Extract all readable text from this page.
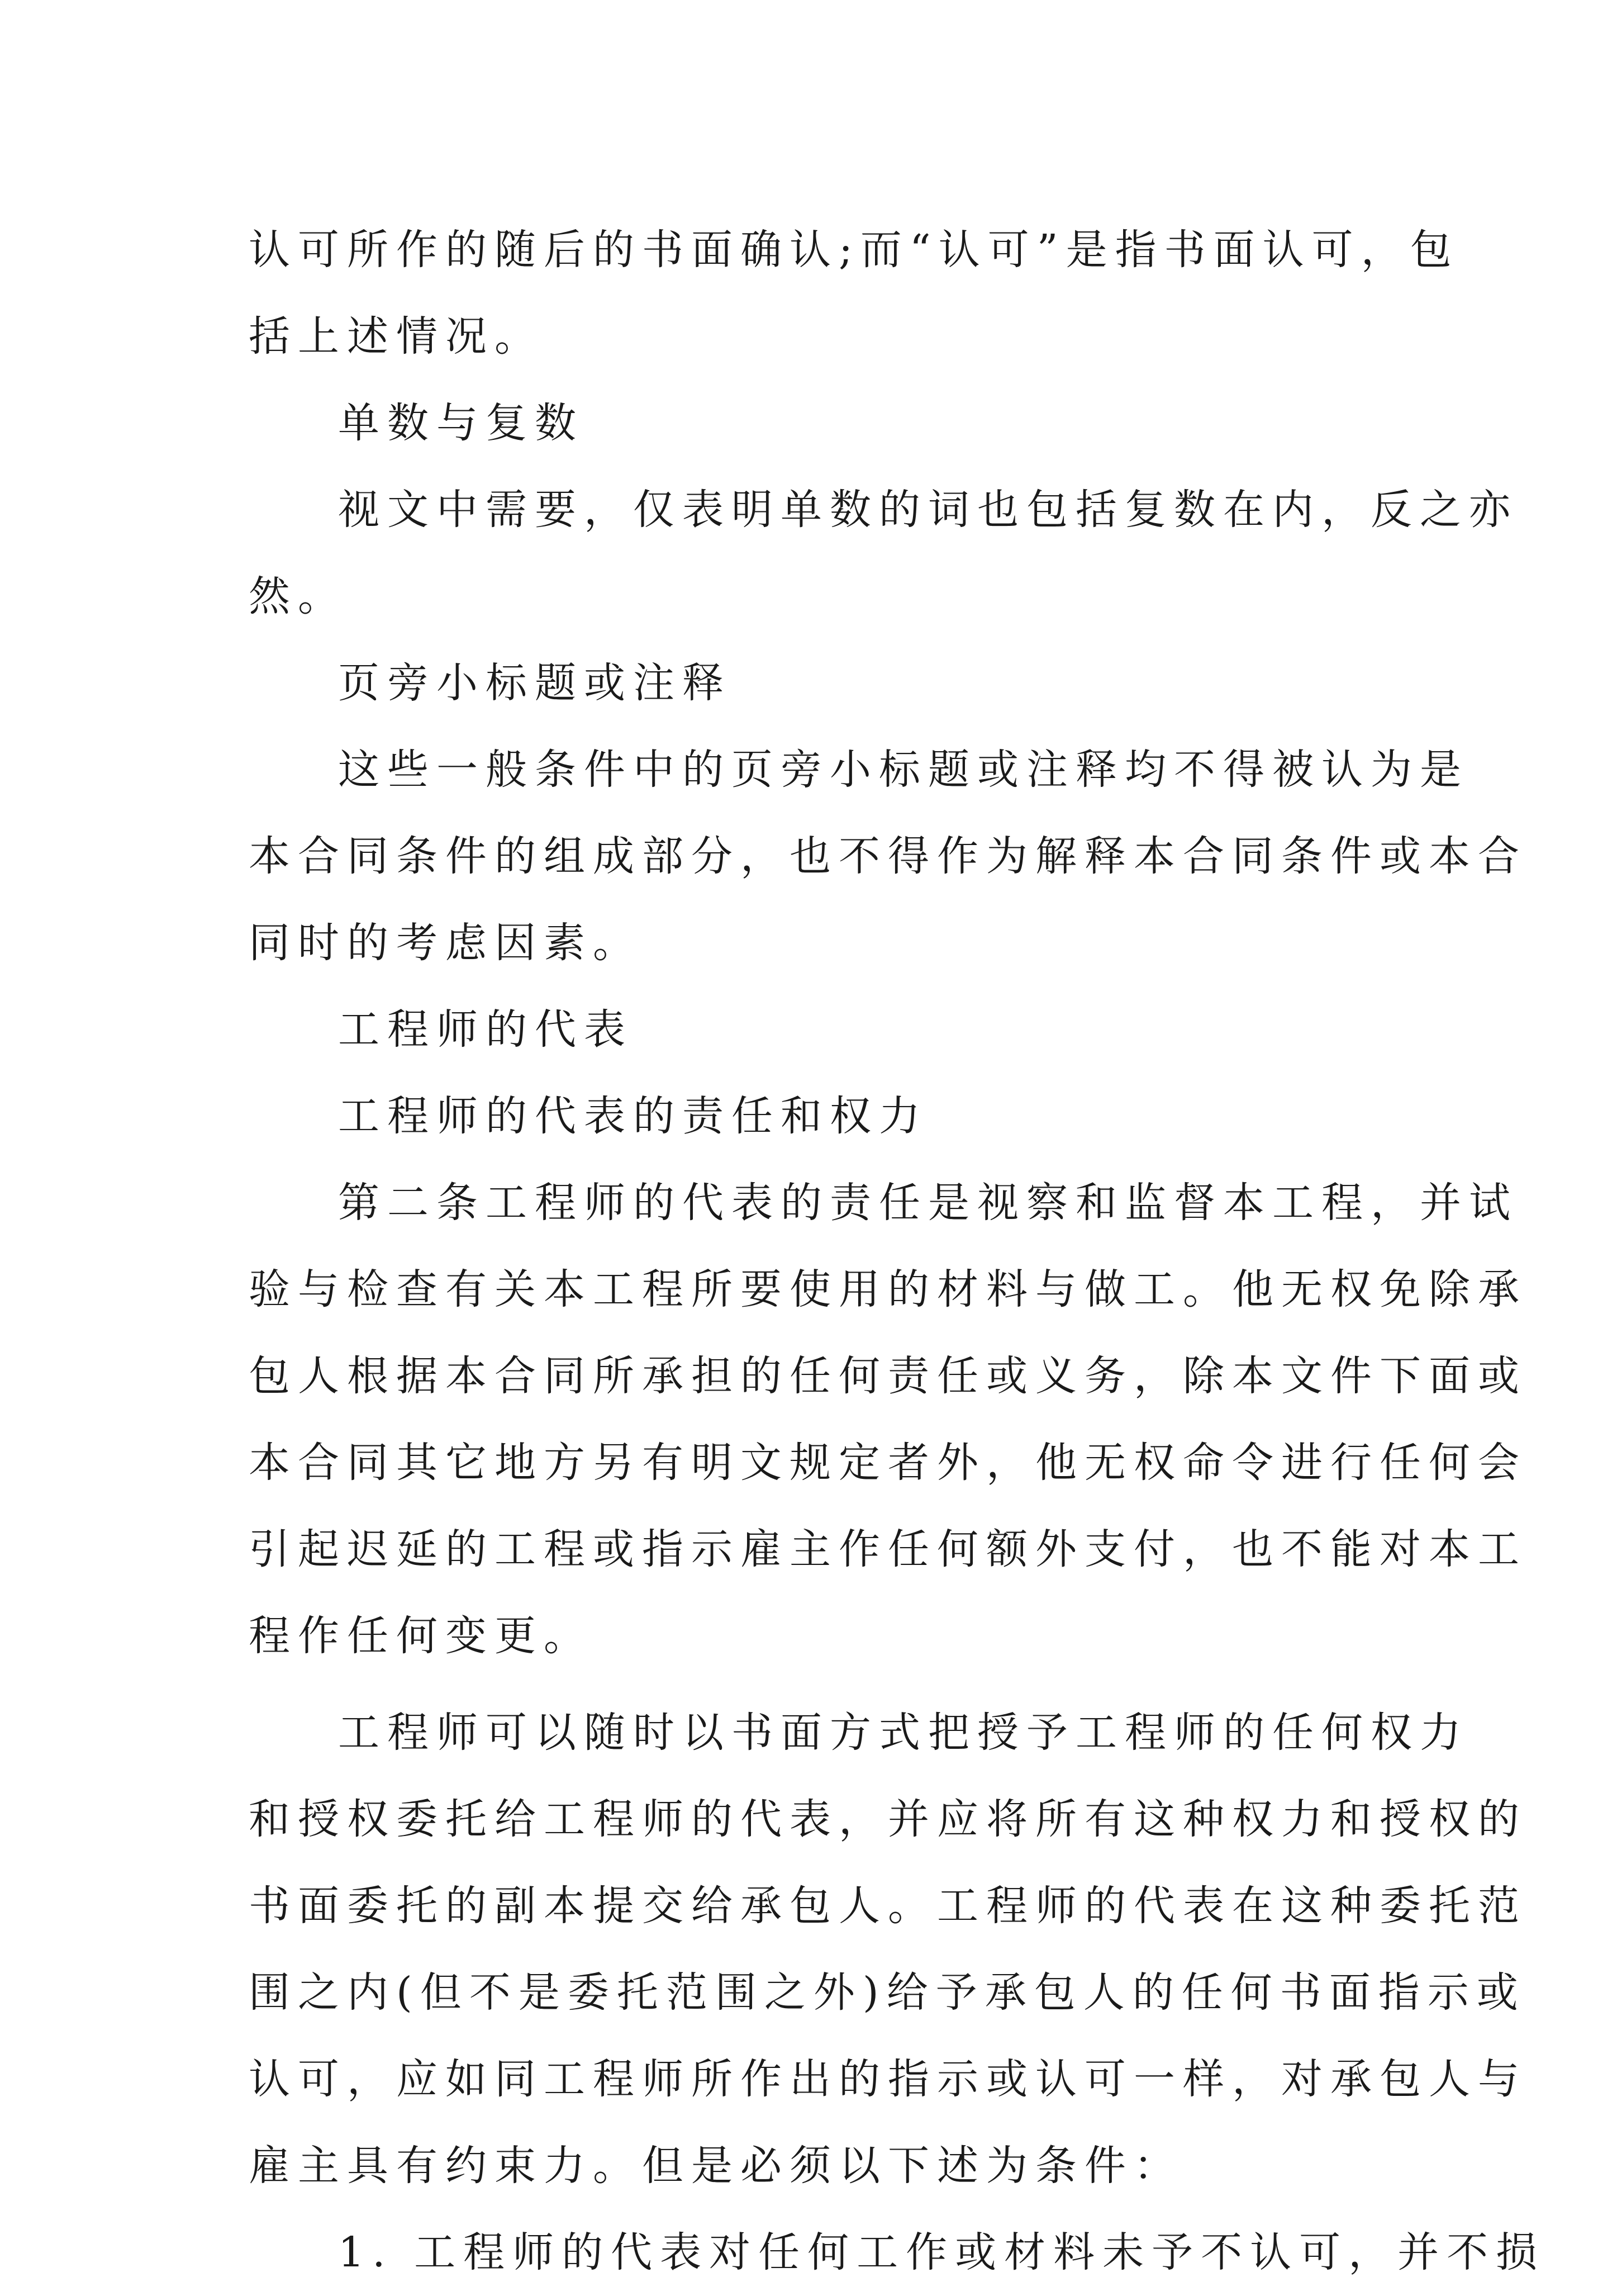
认可所作的随后的书面确认;而“认可”是指书面认可，包
括上述情况。
单数与复数
视文中需要，仅表明单数的词也包括复数在内，反之亦
然。
页旁小标题或注释
这些一般条件中的页旁小标题或注释均不得被认为是
本合同条件的组成部分，也不得作为解释本合同条件或本合
同时的考虑因素。
工程师的代表
工程师的代表的责任和权力
第二条工程师的代表的责任是视察和监督本工程，并试
验与检查有关本工程所要使用的材料与做工。他无权免除承
包人根据本合同所承担的任何责任或义务，除本文件下面或
本合同其它地方另有明文规定者外，他无权命令进行任何会
引起迟延的工程或指示雇主作任何额外支付，也不能对本工
程作任何变更。
工程师可以随时以书面方式把授予工程师的任何权力
和授权委托给工程师的代表，并应将所有这种权力和授权的
书面委托的副本提交给承包人。工程师的代表在这种委托范
围之内(但不是委托范围之外)给予承包人的任何书面指示或
认可，应如同工程师所作出的指示或认可一样，对承包人与
雇主具有约束力。但是必须以下述为条件：
1. 工程师的代表对任何工作或材料未予不认可，并不损
